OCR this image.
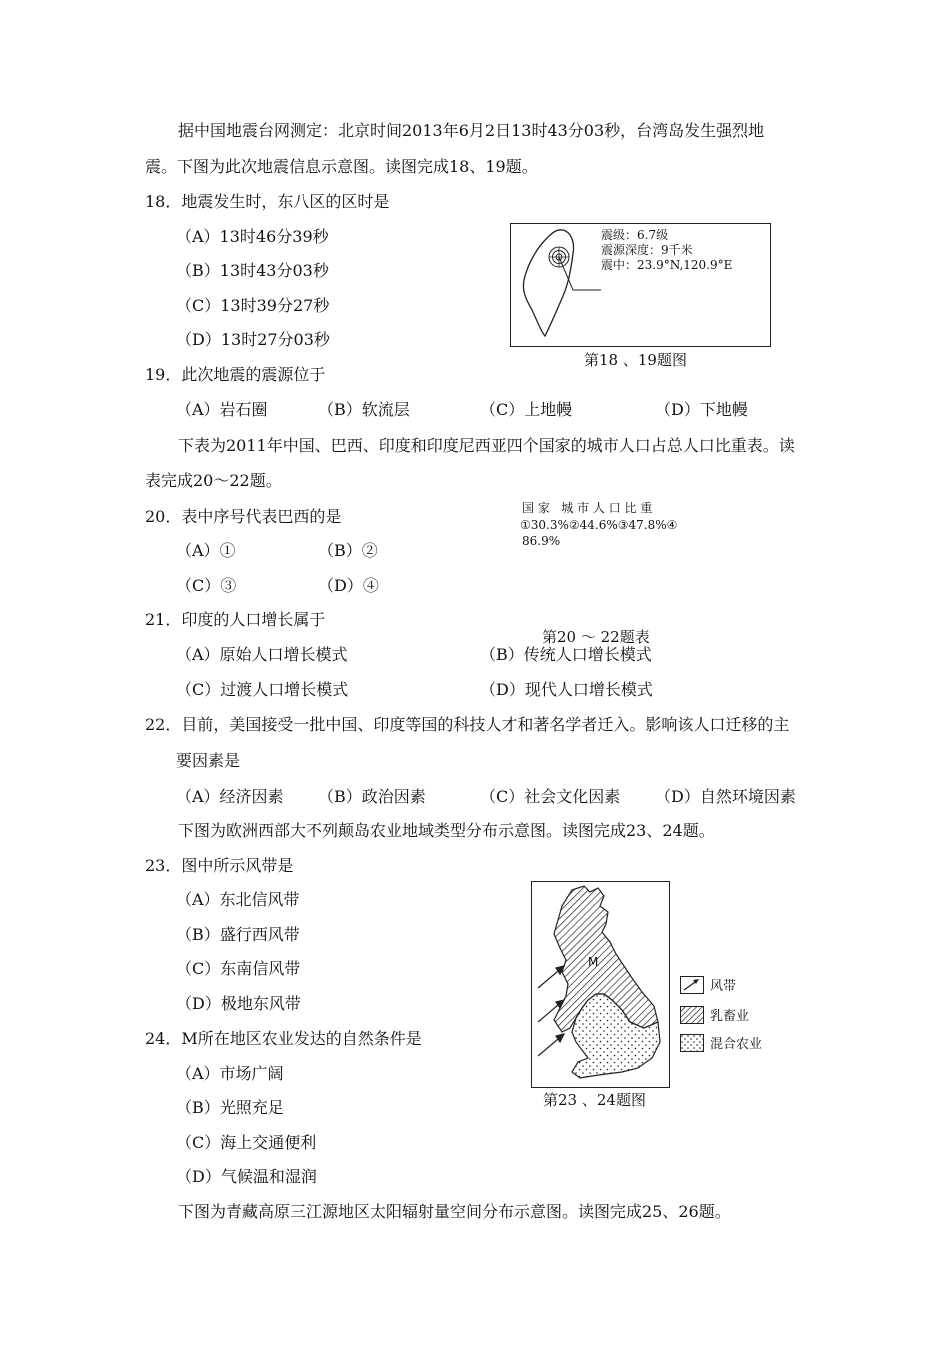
据中国地震台网测定：北京时间2013年6月2日13时43分03秒，台湾岛发生强烈地
震。下图为此次地震信息示意图。读图完成18、19题。
18．地震发生时，东八区的区时是
（A）13时46分39秒
（B）13时43分03秒
（C）13时39分27秒
（D）13时27分03秒
震级：6.7级
震源深度：9千米
震中：23.9°N,120.9°E
第18 、19题图
19．此次地震的震源位于
（A）岩石圈	（B）软流层	（C）上地幔	（D）下地幔
下表为2011年中国、巴西、印度和印度尼西亚四个国家的城市人口占总人口比重表。读
表完成20～22题。
国 家   城 市 人 口 比 重
①30.3%②44.6%③47.8%④
86.9%
第20 ～ 22题表
20．表中序号代表巴西的是
（A）①	（B）②
（C）③	（D）④
21．印度的人口增长属于
（A）原始人口增长模式	（B）传统人口增长模式
（C）过渡人口增长模式	（D）现代人口增长模式
22．目前，美国接受一批中国、印度等国的科技人才和著名学者迁入。影响该人口迁移的主
要因素是
（A）经济因素 （B）政治因素	（C）社会文化因素 （D）自然环境因素
下图为欧洲西部大不列颠岛农业地域类型分布示意图。读图完成23、24题。
23．图中所示风带是
（A）东北信风带
（B）盛行西风带
（C）东南信风带
（D）极地东风带
M
第23 、24题图
风带
乳畜业
混合农业
24．M所在地区农业发达的自然条件是
（A）市场广阔
（B）光照充足
（C）海上交通便利
（D）气候温和湿润
下图为青藏高原三江源地区太阳辐射量空间分布示意图。读图完成25、26题。
